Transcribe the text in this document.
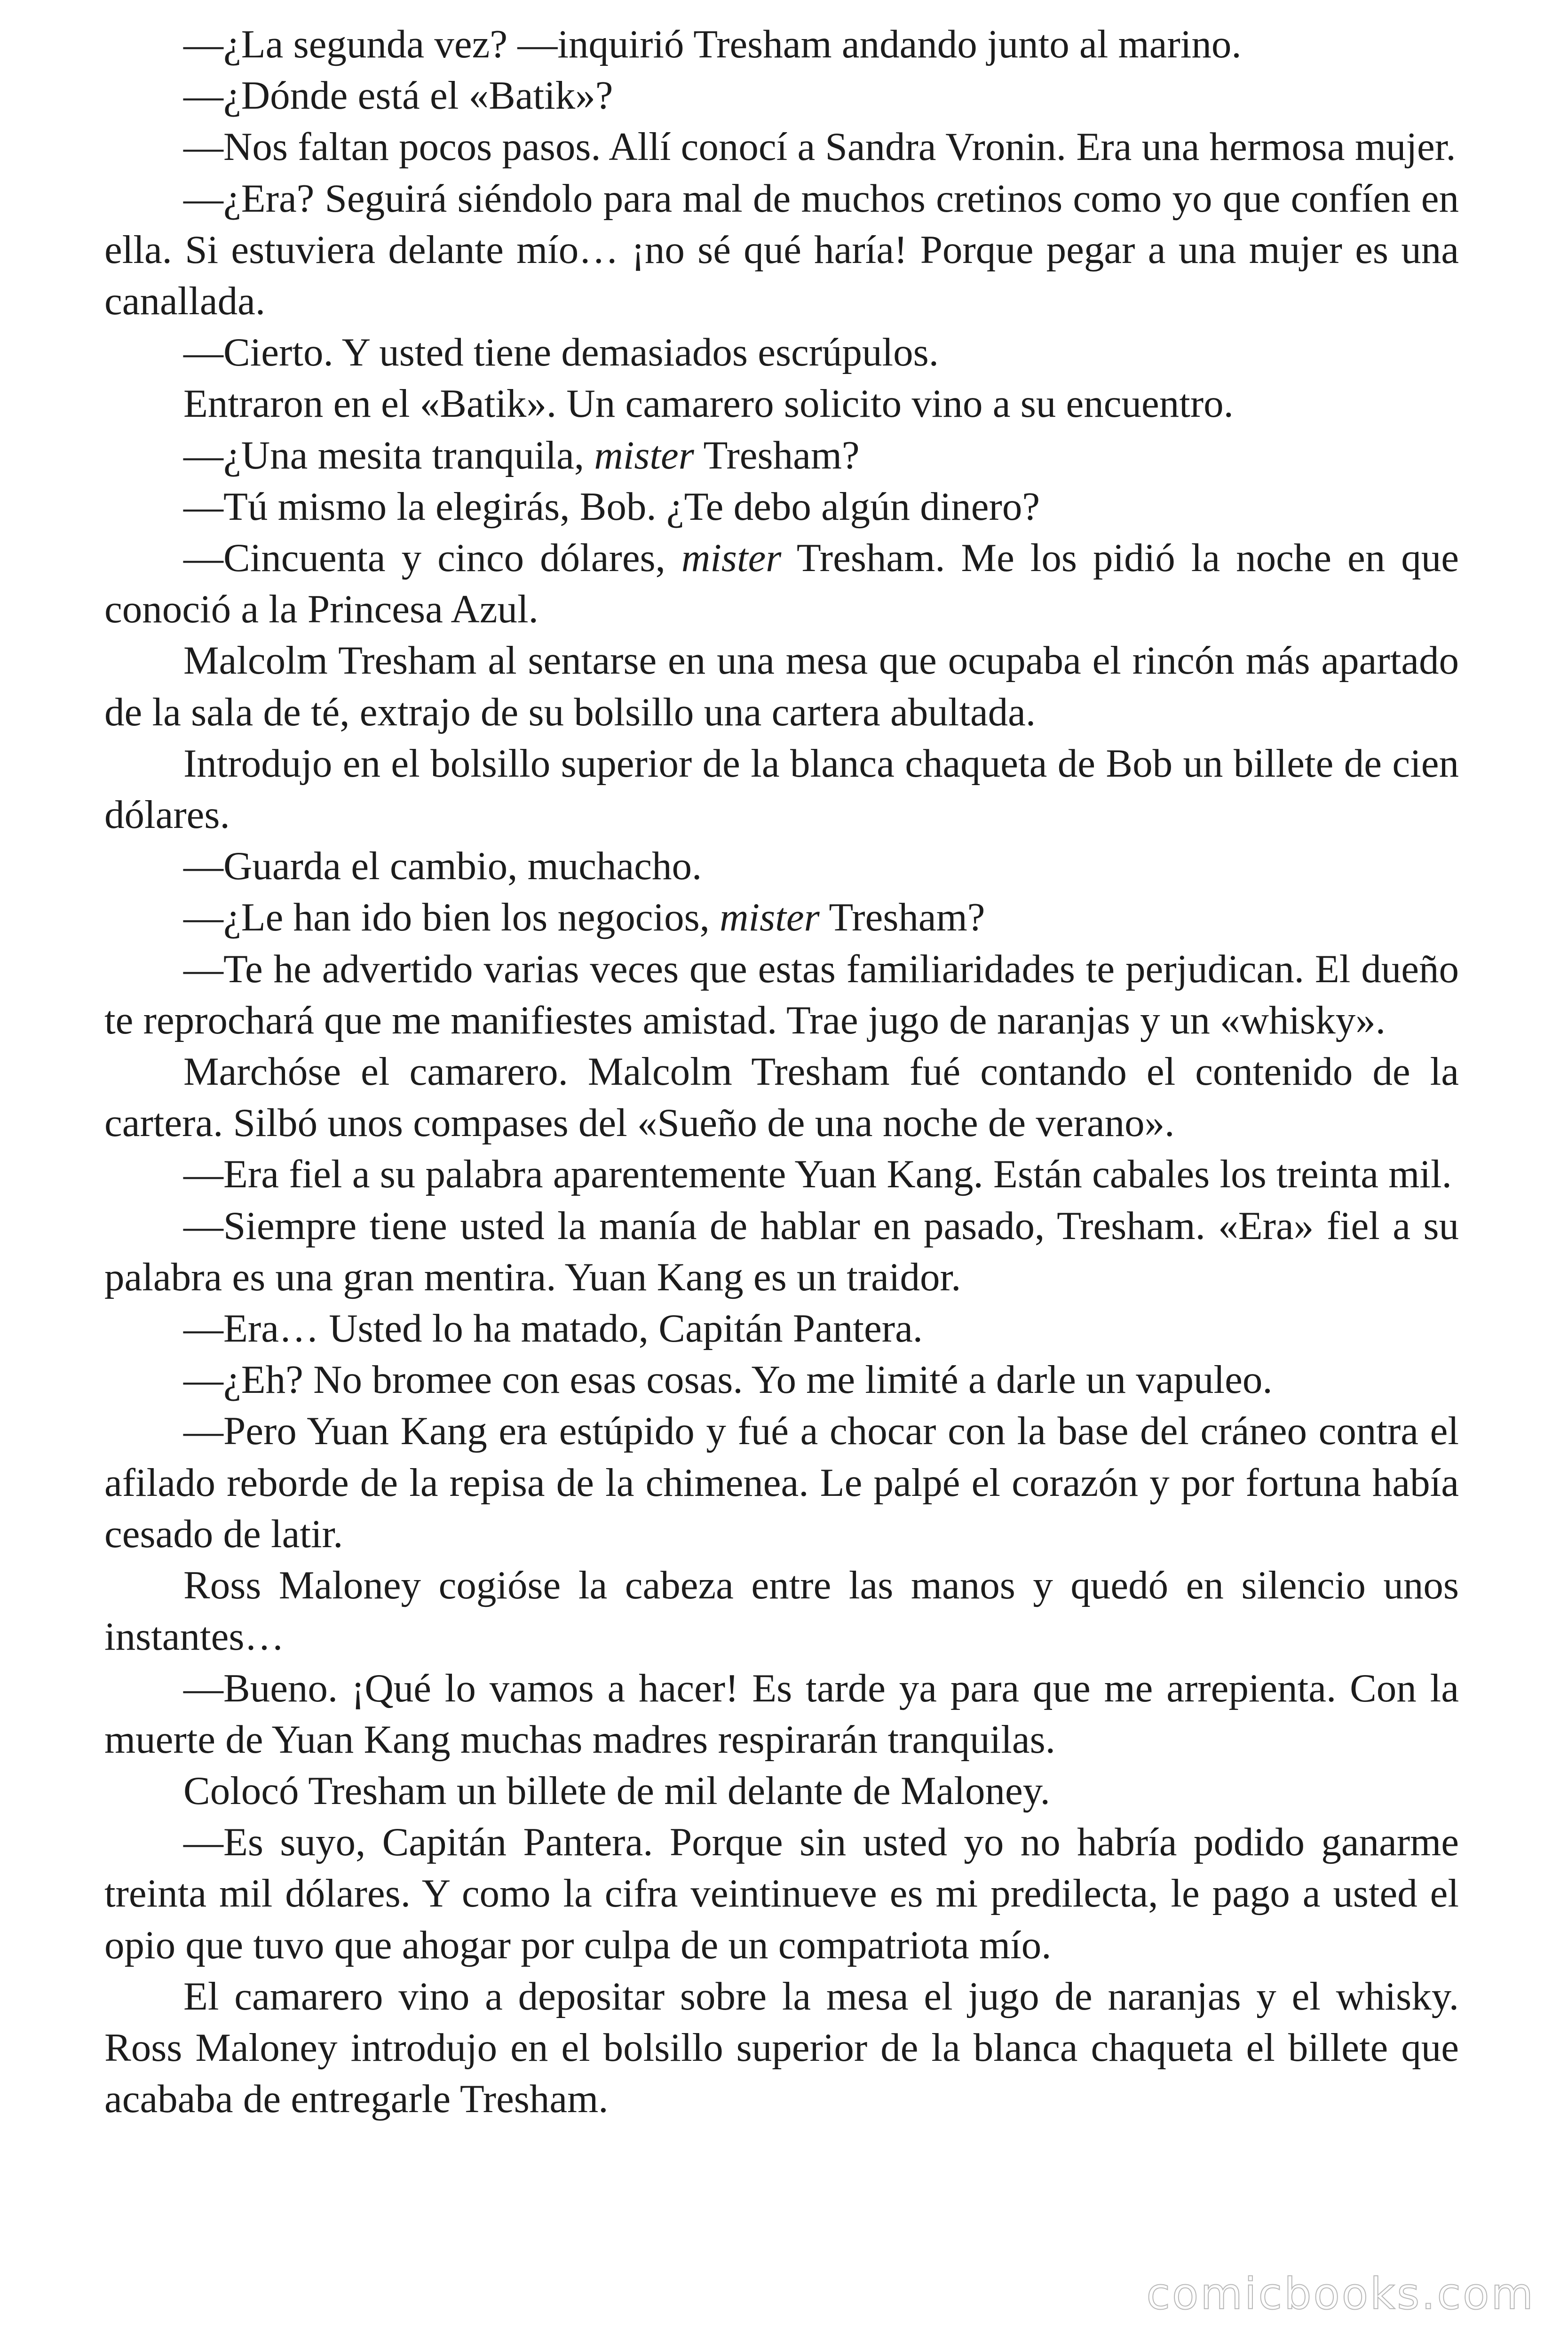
—¿La segunda vez? —inquirió Tresham andando junto al marino.

—¿Dónde está el «Batik»?

—Nos faltan pocos pasos. Allí conocí a Sandra Vronin. Era una hermosa mujer.

—¿Era? Seguirá siéndolo para mal de muchos cretinos como yo que confíen en ella. Si estuviera delante mío… ¡no sé qué haría! Porque pegar a una mujer es una canallada.

—Cierto. Y usted tiene demasiados escrúpulos.

Entraron en el «Batik». Un camarero solicito vino a su encuentro.

—¿Una mesita tranquila, mister Tresham?

—Tú mismo la elegirás, Bob. ¿Te debo algún dinero?

—Cincuenta y cinco dólares, mister Tresham. Me los pidió la noche en que conoció a la Princesa Azul.

Malcolm Tresham al sentarse en una mesa que ocupaba el rincón más apartado de la sala de té, extrajo de su bolsillo una cartera abultada.

Introdujo en el bolsillo superior de la blanca chaqueta de Bob un billete de cien dólares.

—Guarda el cambio, muchacho.

—¿Le han ido bien los negocios, mister Tresham?

—Te he advertido varias veces que estas familiaridades te perjudican. El dueño te reprochará que me manifiestes amistad. Trae jugo de naranjas y un «whisky».

Marchóse el camarero. Malcolm Tresham fué contando el contenido de la cartera. Silbó unos compases del «Sueño de una noche de verano».

—Era fiel a su palabra aparentemente Yuan Kang. Están cabales los treinta mil.

—Siempre tiene usted la manía de hablar en pasado, Tresham. «Era» fiel a su palabra es una gran mentira. Yuan Kang es un traidor.

—Era… Usted lo ha matado, Capitán Pantera.

—¿Eh? No bromee con esas cosas. Yo me limité a darle un vapuleo.

—Pero Yuan Kang era estúpido y fué a chocar con la base del cráneo contra el afilado reborde de la repisa de la chimenea. Le palpé el corazón y por fortuna había cesado de latir.

Ross Maloney cogióse la cabeza entre las manos y quedó en silencio unos instantes…

—Bueno. ¡Qué lo vamos a hacer! Es tarde ya para que me arrepienta. Con la muerte de Yuan Kang muchas madres respirarán tranquilas.

Colocó Tresham un billete de mil delante de Maloney.

—Es suyo, Capitán Pantera. Porque sin usted yo no habría podido ganarme treinta mil dólares. Y como la cifra veintinueve es mi predilecta, le pago a usted el opio que tuvo que ahogar por culpa de un compatriota mío.

El camarero vino a depositar sobre la mesa el jugo de naranjas y el whisky. Ross Maloney introdujo en el bolsillo superior de la blanca chaqueta el billete que acababa de entregarle Tresham.

comicbooks.com
